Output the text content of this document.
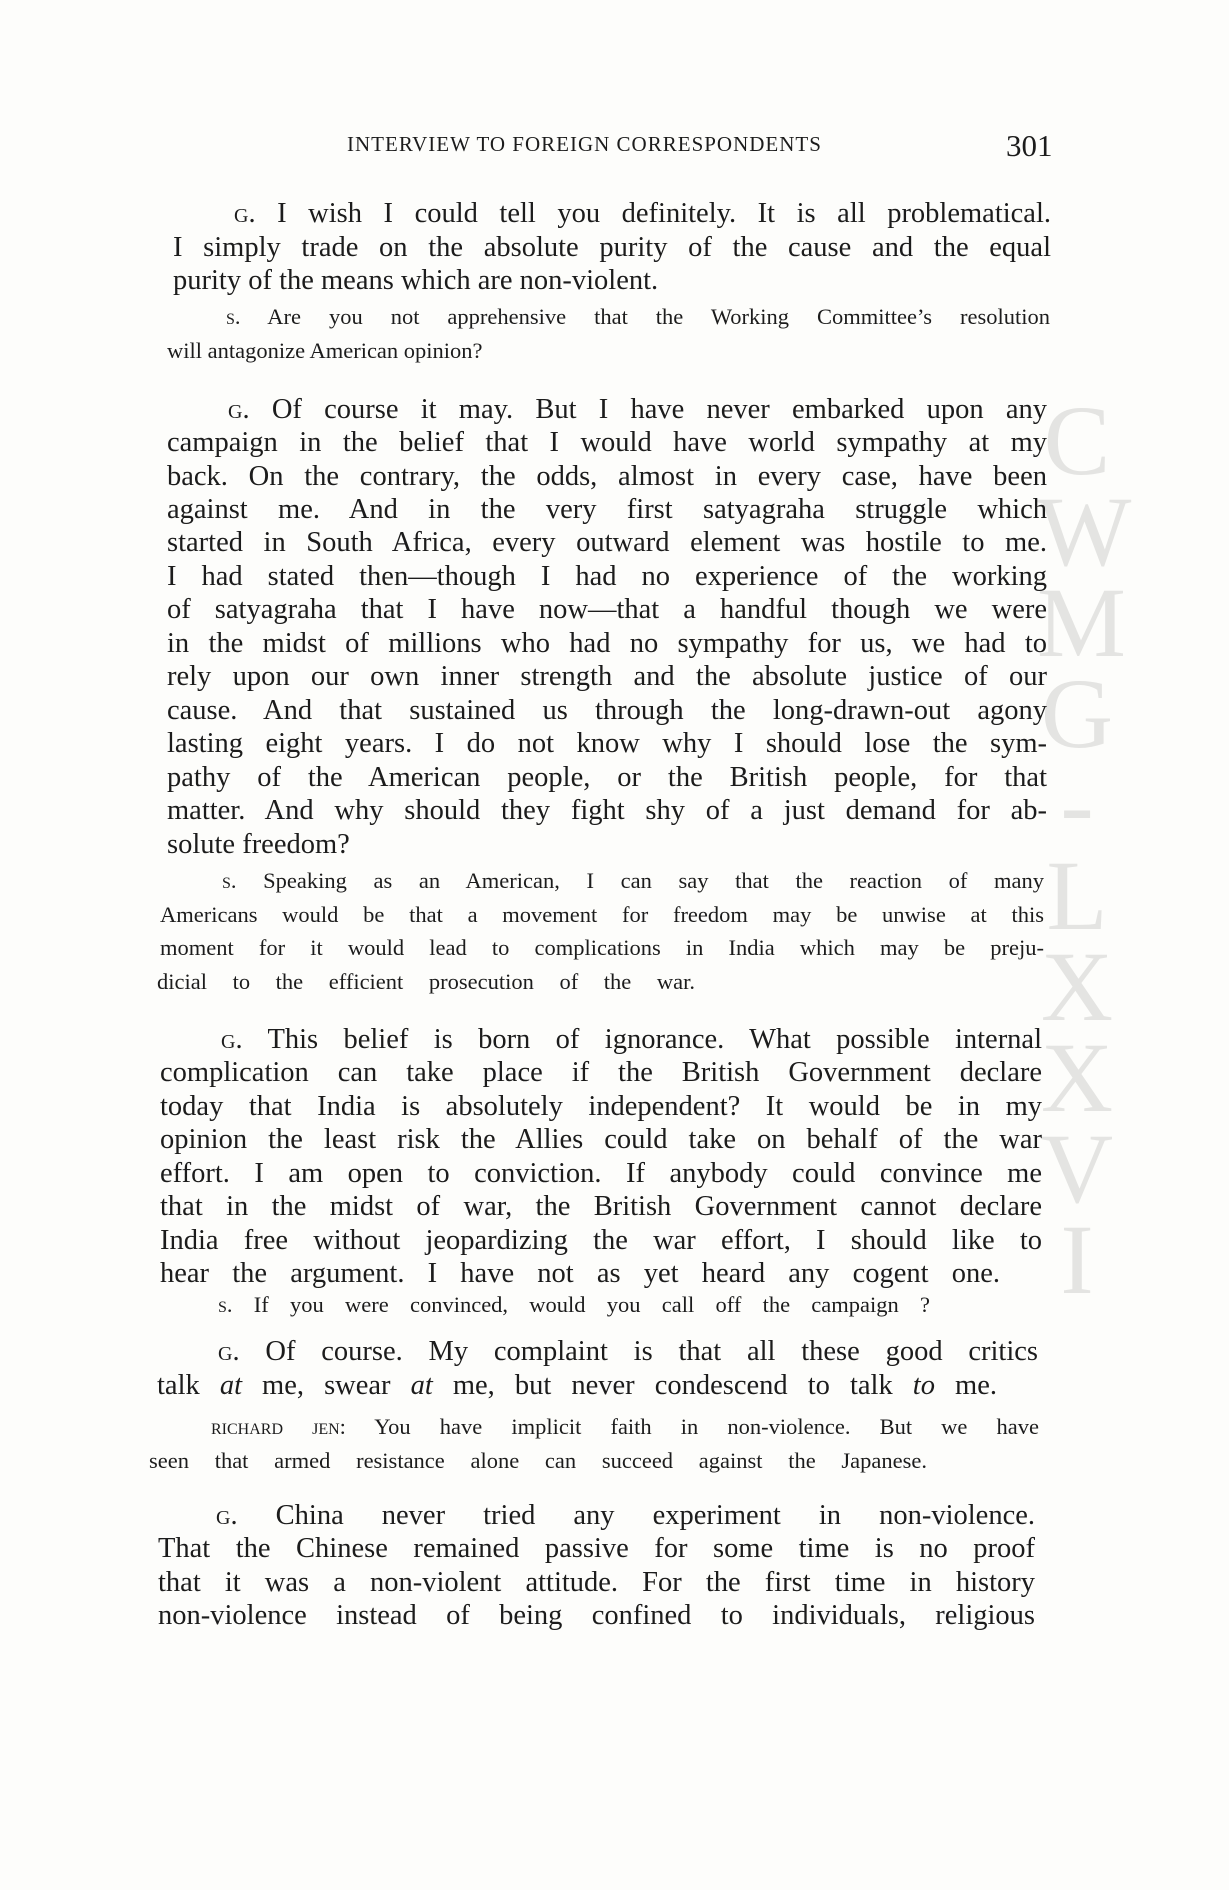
C
W
M
G
-
L
X
X
V
I
INTERVIEW TO FOREIGN CORRESPONDENTS	301
g. I wish I could tell you definitely. It is all problematical.
I simply trade on the absolute purity of the cause and the equal
purity of the means which are non-violent.
s. Are you not apprehensive that the Working Committee’s resolution
will antagonize American opinion?
g. Of course it may. But I have never embarked upon any
campaign in the belief that I would have world sympathy at my
back. On the contrary, the odds, almost in every case, have been
against me. And in the very first satyagraha struggle which
started in South Africa, every outward element was hostile to me.
I had stated then—though I had no experience of the working
of satyagraha that I have now—that a handful though we were
in the midst of millions who had no sympathy for us, we had to
rely upon our own inner strength and the absolute justice of our
cause. And that sustained us through the long-drawn-out agony
lasting eight years. I do not know why I should lose the sym-
pathy of the American people, or the British people, for that
matter. And why should they fight shy of a just demand for ab-
solute freedom?
s. Speaking as an American, I can say that the reaction of many
Americans would be that a movement for freedom may be unwise at this
moment for it would lead to complications in India which may be preju-
dicial to the efficient prosecution of the war.
g. This belief is born of ignorance. What possible internal
complication can take place if the British Government declare
today that India is absolutely independent? It would be in my
opinion the least risk the Allies could take on behalf of the war
effort. I am open to conviction. If anybody could convince me
that in the midst of war, the British Government cannot declare
India free without jeopardizing the war effort, I should like to
hear the argument. I have not as yet heard any cogent one.
s. If you were convinced, would you call off the campaign ?
g. Of course. My complaint is that all these good critics
talk at me, swear at me, but never condescend to talk to me.
richard jen: You have implicit faith in non-violence. But we have
seen that armed resistance alone can succeed against the Japanese.
g. China never tried any experiment in non-violence.
That the Chinese remained passive for some time is no proof
that it was a non-violent attitude. For the first time in history
non-violence instead of being confined to individuals, religious
